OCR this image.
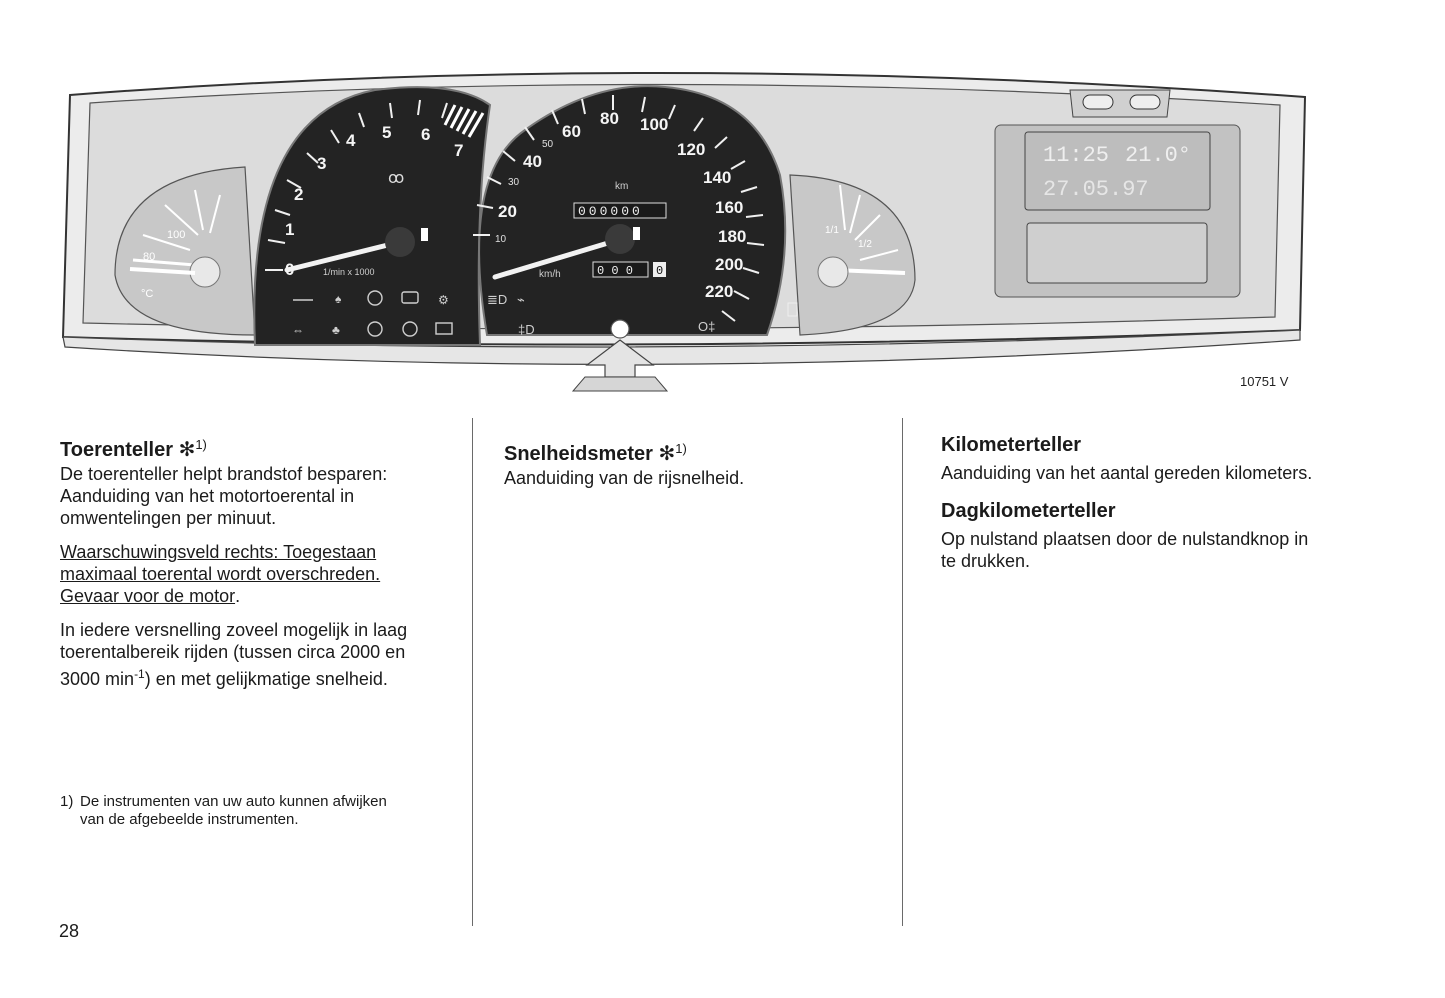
100
80
°C
1
2
3
4 5 6
7
1/min x 1000
ꝏ
♠	⚙
⇔ ♣
20
40
60
80 100
120
140
160
180
200
220
10
30
50
km
000000
0 0 0 0
km/h
≣D ⌁
‡D	O‡
1/1
1/2
11:25 21.0°
27.05.97
10751 V
Toerenteller ✻$^{1)}$

De toerenteller helpt brandstof besparen: Aanduiding van het motortoerental in omwentelingen per minuut.

Waarschuwingsveld rechts: Toegestaan maximaal toerental wordt overschreden. Gevaar voor de motor.

In iedere versnelling zoveel mogelijk in laag toerentalbereik rijden (tussen circa 2000 en 3000 $\min^{-1}$) en met gelijkmatige snelheid.

1) De instrumenten van uw auto kunnen afwijken
van de afgebeelde instrumenten.
28
Snelheidsmeter ✻$^{1)}$

Aanduiding van de rijsnelheid.

Kilometerteller

Aanduiding van het aantal gereden kilometers.

Dagkilometerteller

Op nulstand plaatsen door de nulstandknop in te drukken.
